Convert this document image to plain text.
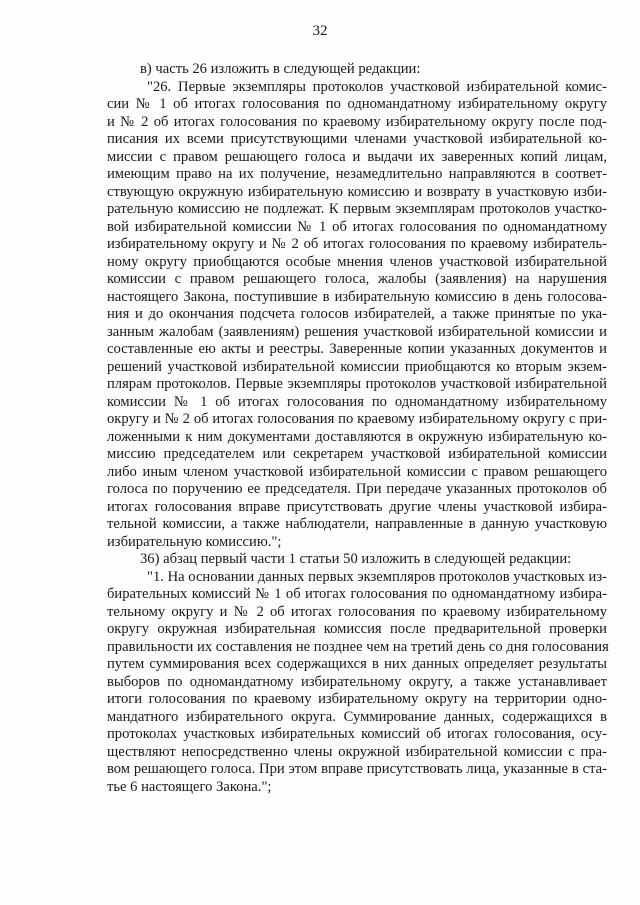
32
в) часть 26 изложить в следующей редакции:
"26. Первые экземпляры протоколов участковой избирательной комис-
сии № 1 об итогах голосования по одномандатному избирательному округу
и № 2 об итогах голосования по краевому избирательному округу после под-
писания их всеми присутствующими членами участковой избирательной ко-
миссии с правом решающего голоса и выдачи их заверенных копий лицам,
имеющим право на их получение, незамедлительно направляются в соответ-
ствующую окружную избирательную комиссию и возврату в участковую изби-
рательную комиссию не подлежат. К первым экземплярам протоколов участко-
вой избирательной комиссии № 1 об итогах голосования по одномандатному
избирательному округу и № 2 об итогах голосования по краевому избиратель-
ному округу приобщаются особые мнения членов участковой избирательной
комиссии с правом решающего голоса, жалобы (заявления) на нарушения
настоящего Закона, поступившие в избирательную комиссию в день голосова-
ния и до окончания подсчета голосов избирателей, а также принятые по ука-
занным жалобам (заявлениям) решения участковой избирательной комиссии и
составленные ею акты и реестры. Заверенные копии указанных документов и
решений участковой избирательной комиссии приобщаются ко вторым экзем-
плярам протоколов. Первые экземпляры протоколов участковой избирательной
комиссии № 1 об итогах голосования по одномандатному избирательному
округу и № 2 об итогах голосования по краевому избирательному округу с при-
ложенными к ним документами доставляются в окружную избирательную ко-
миссию председателем или секретарем участковой избирательной комиссии
либо иным членом участковой избирательной комиссии с правом решающего
голоса по поручению ее председателя. При передаче указанных протоколов об
итогах голосования вправе присутствовать другие члены участковой избира-
тельной комиссии, а также наблюдатели, направленные в данную участковую
избирательную комиссию.";
36) абзац первый части 1 статьи 50 изложить в следующей редакции:
"1. На основании данных первых экземпляров протоколов участковых из-
бирательных комиссий № 1 об итогах голосования по одномандатному избира-
тельному округу и № 2 об итогах голосования по краевому избирательному
округу окружная избирательная комиссия после предварительной проверки
правильности их составления не позднее чем на третий день со дня голосования
путем суммирования всех содержащихся в них данных определяет результаты
выборов по одномандатному избирательному округу, а также устанавливает
итоги голосования по краевому избирательному округу на территории одно-
мандатного избирательного округа. Суммирование данных, содержащихся в
протоколах участковых избирательных комиссий об итогах голосования, осу-
ществляют непосредственно члены окружной избирательной комиссии с пра-
вом решающего голоса. При этом вправе присутствовать лица, указанные в ста-
тье 6 настоящего Закона.";
